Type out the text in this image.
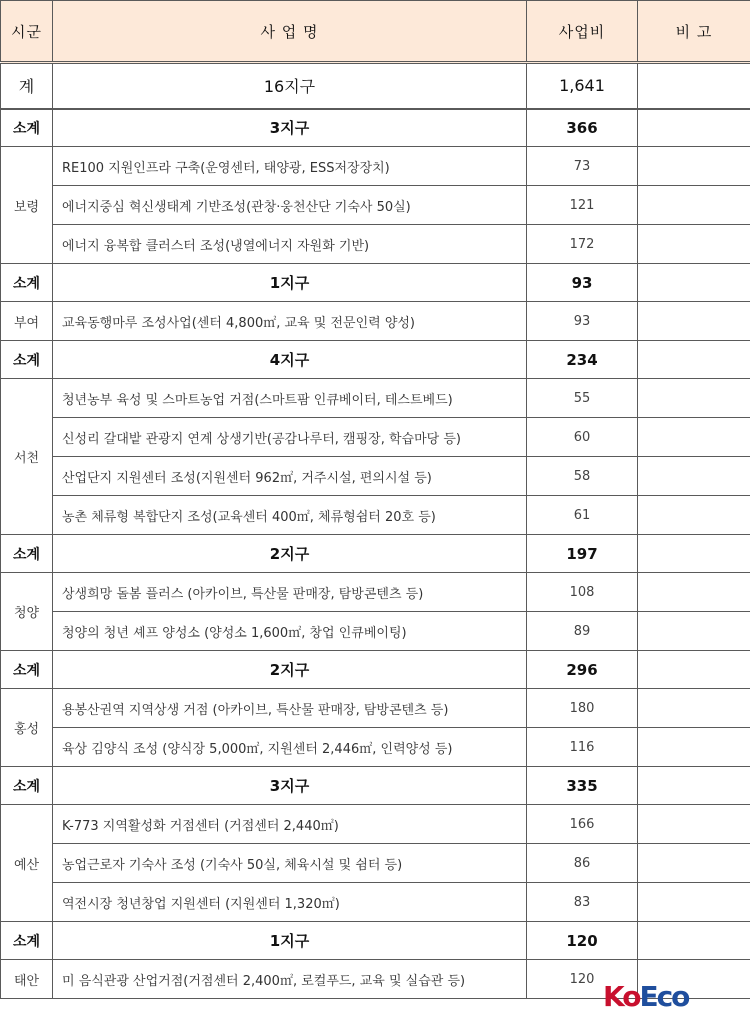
시군	사 업 명	사업비	비 고
계	16지구	1,641	
소계	3지구	366	
보령	RE100 지원인프라 구축(운영센터, 태양광, ESS저장장치)	73	
	에너지중심 혁신생태계 기반조성(관창·웅천산단 기숙사 50실)	121	
	에너지 융복합 클러스터 조성(냉열에너지 자원화 기반)	172	
소계	1지구	93	
부여	교육동행마루 조성사업(센터 4,800㎡, 교육 및 전문인력 양성)	93	
소계	4지구	234	
서천	청년농부 육성 및 스마트농업 거점(스마트팜 인큐베이터, 테스트베드)	55	
	신성리 갈대밭 관광지 연계 상생기반(공감나루터, 캠핑장, 학습마당 등)	60	
	산업단지 지원센터 조성(지원센터 962㎡, 거주시설, 편의시설 등)	58	
	농촌 체류형 복합단지 조성(교육센터 400㎡, 체류형쉼터 20호 등)	61	
소계	2지구	197	
청양	상생희망 돌봄 플러스 (아카이브, 특산물 판매장, 탐방콘텐츠 등)	108	
	청양의 청년 셰프 양성소 (양성소 1,600㎡, 창업 인큐베이팅)	89	
소계	2지구	296	
홍성	용봉산권역 지역상생 거점 (아카이브, 특산물 판매장, 탐방콘텐츠 등)	180	
	육상 김양식 조성 (양식장 5,000㎡, 지원센터 2,446㎡, 인력양성 등)	116	
소계	3지구	335	
예산	K-773 지역활성화 거점센터 (거점센터 2,440㎡)	166	
	농업근로자 기숙사 조성 (기숙사 50실, 체육시설 및 쉼터 등)	86	
	역전시장 청년창업 지원센터 (지원센터 1,320㎡)	83	
소계	1지구	120	
태안	미 음식관광 산업거점(거점센터 2,400㎡, 로컬푸드, 교육 및 실습관 등)	120	
KoEco
